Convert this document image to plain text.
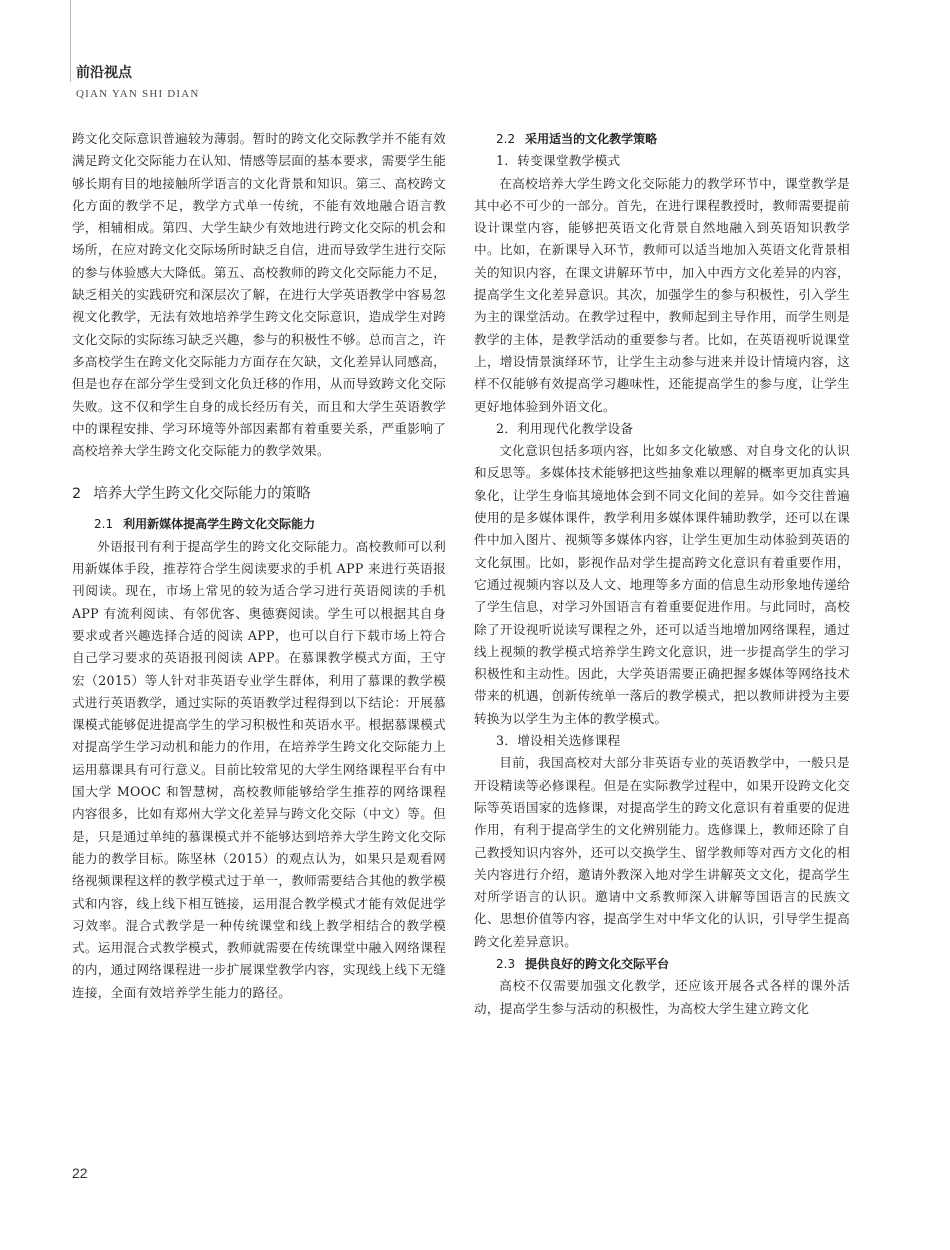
前沿视点
QIAN YAN SHI DIAN

跨文化交际意识普遍较为薄弱。暂时的跨文化交际教学并不能有效满足跨文化交际能力在认知、情感等层面的基本要求，需要学生能够长期有目的地接触所学语言的文化背景和知识。第三、高校跨文化方面的教学不足，教学方式单一传统，不能有效地融合语言教学，相辅相成。第四、大学生缺少有效地进行跨文化交际的机会和场所，在应对跨文化交际场所时缺乏自信，进而导致学生进行交际的参与体验感大大降低。第五、高校教师的跨文化交际能力不足，缺乏相关的实践研究和深层次了解，在进行大学英语教学中容易忽视文化教学，无法有效地培养学生跨文化交际意识，造成学生对跨文化交际的实际练习缺乏兴趣，参与的积极性不够。总而言之，许多高校学生在跨文化交际能力方面存在欠缺，文化差异认同感高，但是也存在部分学生受到文化负迁移的作用，从而导致跨文化交际失败。这不仅和学生自身的成长经历有关，而且和大学生英语教学中的课程安排、学习环境等外部因素都有着重要关系，严重影响了高校培养大学生跨文化交际能力的教学效果。

2 培养大学生跨文化交际能力的策略

2.1 利用新媒体提高学生跨文化交际能力

外语报刊有利于提高学生的跨文化交际能力。高校教师可以利用新媒体手段，推荐符合学生阅读要求的手机 APP 来进行英语报刊阅读。现在，市场上常见的较为适合学习进行英语阅读的手机 APP 有流利阅读、有邻优客、奥德赛阅读。学生可以根据其自身要求或者兴趣选择合适的阅读 APP，也可以自行下载市场上符合自己学习要求的英语报刊阅读 APP。在慕课教学模式方面，王守宏（2015）等人针对非英语专业学生群体，利用了慕课的教学模式进行英语教学，通过实际的英语教学过程得到以下结论：开展慕课模式能够促进提高学生的学习积极性和英语水平。根据慕课模式对提高学生学习动机和能力的作用，在培养学生跨文化交际能力上运用慕课具有可行意义。目前比较常见的大学生网络课程平台有中国大学 MOOC 和智慧树，高校教师能够给学生推荐的网络课程内容很多，比如有郑州大学文化差异与跨文化交际（中文）等。但是，只是通过单纯的慕课模式并不能够达到培养大学生跨文化交际能力的教学目标。陈坚林（2015）的观点认为，如果只是观看网络视频课程这样的教学模式过于单一，教师需要结合其他的教学模式和内容，线上线下相互链接，运用混合教学模式才能有效促进学习效率。混合式教学是一种传统课堂和线上教学相结合的教学模式。运用混合式教学模式，教师就需要在传统课堂中融入网络课程的内，通过网络课程进一步扩展课堂教学内容，实现线上线下无缝连接，全面有效培养学生能力的路径。

2.2 采用适当的文化教学策略

1．转变课堂教学模式

在高校培养大学生跨文化交际能力的教学环节中，课堂教学是其中必不可少的一部分。首先，在进行课程教授时，教师需要提前设计课堂内容，能够把英语文化背景自然地融入到英语知识教学中。比如，在新课导入环节，教师可以适当地加入英语文化背景相关的知识内容，在课文讲解环节中，加入中西方文化差异的内容，提高学生文化差异意识。其次，加强学生的参与积极性，引入学生为主的课堂活动。在教学过程中，教师起到主导作用，而学生则是教学的主体，是教学活动的重要参与者。比如，在英语视听说课堂上，增设情景演绎环节，让学生主动参与进来并设计情境内容，这样不仅能够有效提高学习趣味性，还能提高学生的参与度，让学生更好地体验到外语文化。

2．利用现代化教学设备

文化意识包括多项内容，比如多文化敏感、对自身文化的认识和反思等。多媒体技术能够把这些抽象难以理解的概率更加真实具象化，让学生身临其境地体会到不同文化间的差异。如今交往普遍使用的是多媒体课件，教学利用多媒体课件辅助教学，还可以在课件中加入图片、视频等多媒体内容，让学生更加生动体验到英语的文化氛围。比如，影视作品对学生提高跨文化意识有着重要作用，它通过视频内容以及人文、地理等多方面的信息生动形象地传递给了学生信息，对学习外国语言有着重要促进作用。与此同时，高校除了开设视听说读写课程之外，还可以适当地增加网络课程，通过线上视频的教学模式培养学生跨文化意识，进一步提高学生的学习积极性和主动性。因此，大学英语需要正确把握多媒体等网络技术带来的机遇，创新传统单一落后的教学模式，把以教师讲授为主要转换为以学生为主体的教学模式。

3．增设相关选修课程

目前，我国高校对大部分非英语专业的英语教学中，一般只是开设精读等必修课程。但是在实际教学过程中，如果开设跨文化交际等英语国家的选修课，对提高学生的跨文化意识有着重要的促进作用，有利于提高学生的文化辨别能力。选修课上，教师还除了自己教授知识内容外，还可以交换学生、留学教师等对西方文化的相关内容进行介绍，邀请外教深入地对学生讲解英文文化，提高学生对所学语言的认识。邀请中文系教师深入讲解等国语言的民族文化、思想价值等内容，提高学生对中华文化的认识，引导学生提高跨文化差异意识。

2.3 提供良好的跨文化交际平台

高校不仅需要加强文化教学，还应该开展各式各样的课外活动，提高学生参与活动的积极性，为高校大学生建立跨文化

22
